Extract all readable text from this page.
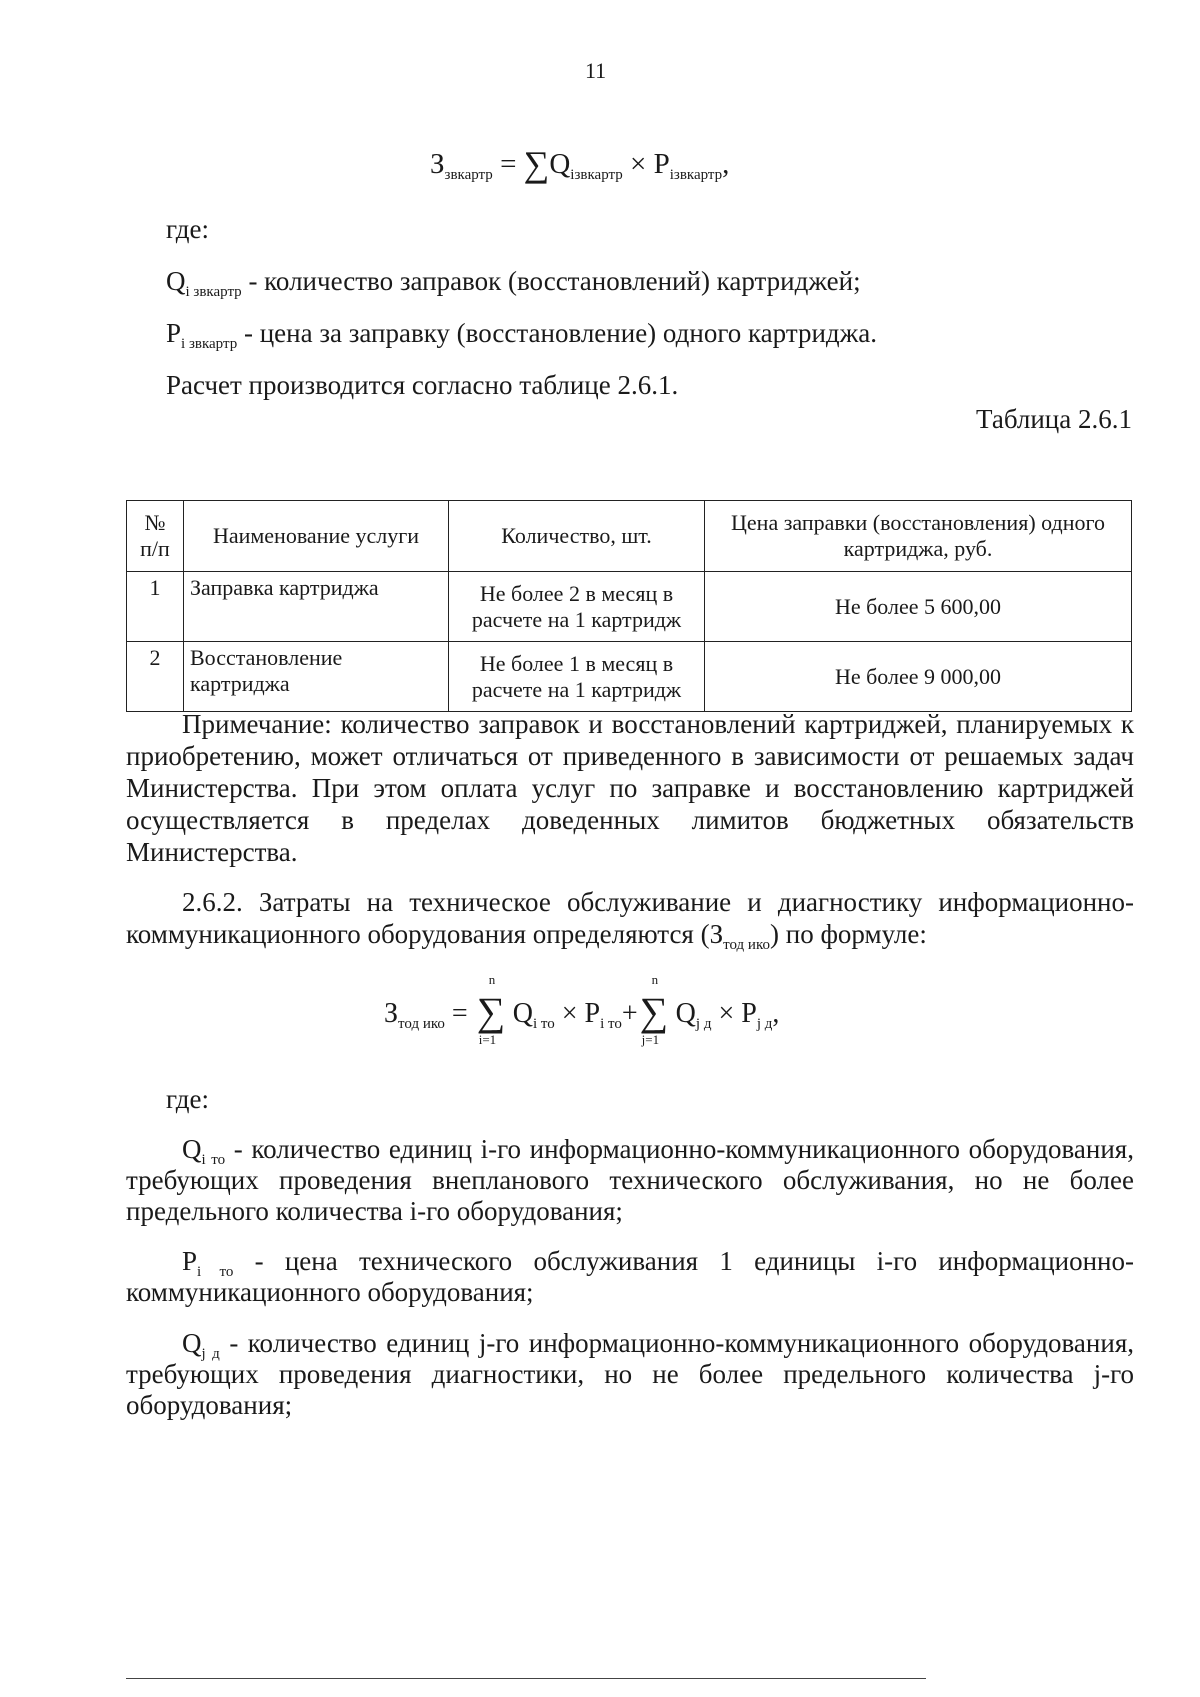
11
$З_{звкартр} = \sum Q_{iзвкартр} \times P_{iзвкартр}$,
где:
$Q_{i звкартр}$ - количество заправок (восстановлений) картриджей;
$P_{i звкартр}$ - цена за заправку (восстановление) одного картриджа.
Расчет производится согласно таблице 2.6.1.
Таблица 2.6.1
№ п/п	Наименование услуги	Количество, шт.	Цена заправки (восстановления) одного картриджа, руб.
1	Заправка картриджа	Не более 2 в месяц в расчете на 1 картридж	Не более 5 600,00
2	Восстановление картриджа	Не более 1 в месяц в расчете на 1 картридж	Не более 9 000,00
Примечание: количество заправок и восстановлений картриджей, планируемых к приобретению, может отличаться от приведенного в зависимости от решаемых задач Министерства. При этом оплата услуг по заправке и восстановлению картриджей осуществляется в пределах доведенных лимитов бюджетных обязательств Министерства.
2.6.2. Затраты на техническое обслуживание и диагностику информационно-коммуникационного оборудования определяются $(З_{тод ико})$ по формуле:
$З_{тод ико}$ =
n
∑
i=1
$Q_{i то} \times P_{i то}+$
n
∑
j=1
$Q_{j д} \times P_{j д}$,
где:
$Q_{i то}$ - количество единиц i-го информационно-коммуникационного оборудования, требующих проведения внепланового технического обслуживания, но не более предельного количества i-го оборудования;
$P_{i то}$ - цена технического обслуживания 1 единицы i-го информационно-коммуникационного оборудования;
$Q_{j д}$ - количество единиц j-го информационно-коммуникационного оборудования, требующих проведения диагностики, но не более предельного количества j-го оборудования;
